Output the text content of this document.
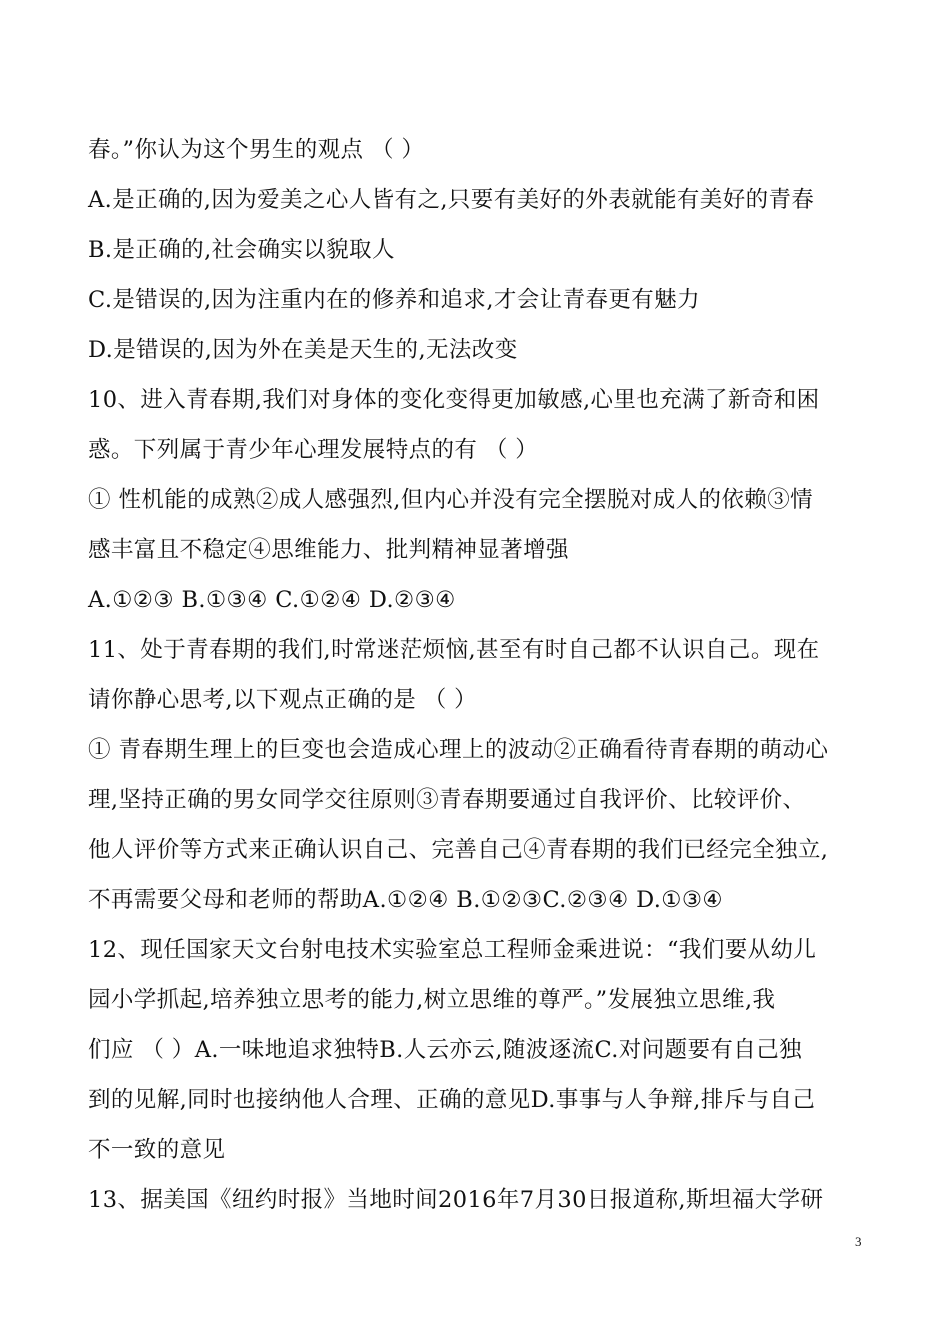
春。”你认为这个男生的观点 （ ）
A.是正确的,因为爱美之心人皆有之,只要有美好的外表就能有美好的青春
B.是正确的,社会确实以貌取人
C.是错误的,因为注重内在的修养和追求,才会让青春更有魅力
D.是错误的,因为外在美是天生的,无法改变
10、进入青春期,我们对身体的变化变得更加敏感,心里也充满了新奇和困
惑。下列属于青少年心理发展特点的有 （ ）
① 性机能的成熟②成人感强烈,但内心并没有完全摆脱对成人的依赖③情
感丰富且不稳定④思维能力、批判精神显著增强
A.①②③ B.①③④ C.①②④ D.②③④
11、处于青春期的我们,时常迷茫烦恼,甚至有时自己都不认识自己。现在
请你静心思考,以下观点正确的是 （ ）
① 青春期生理上的巨变也会造成心理上的波动②正确看待青春期的萌动心
理,坚持正确的男女同学交往原则③青春期要通过自我评价、比较评价、
他人评价等方式来正确认识自己、完善自己④青春期的我们已经完全独立,
不再需要父母和老师的帮助A.①②④ B.①②③C.②③④ D.①③④
12、现任国家天文台射电技术实验室总工程师金乘进说：“我们要从幼儿
园小学抓起,培养独立思考的能力,树立思维的尊严。”发展独立思维,我
们应 （ ）A.一味地追求独特B.人云亦云,随波逐流C.对问题要有自己独
到的见解,同时也接纳他人合理、正确的意见D.事事与人争辩,排斥与自己
不一致的意见
13、据美国《纽约时报》当地时间2016年7月30日报道称,斯坦福大学研
3
